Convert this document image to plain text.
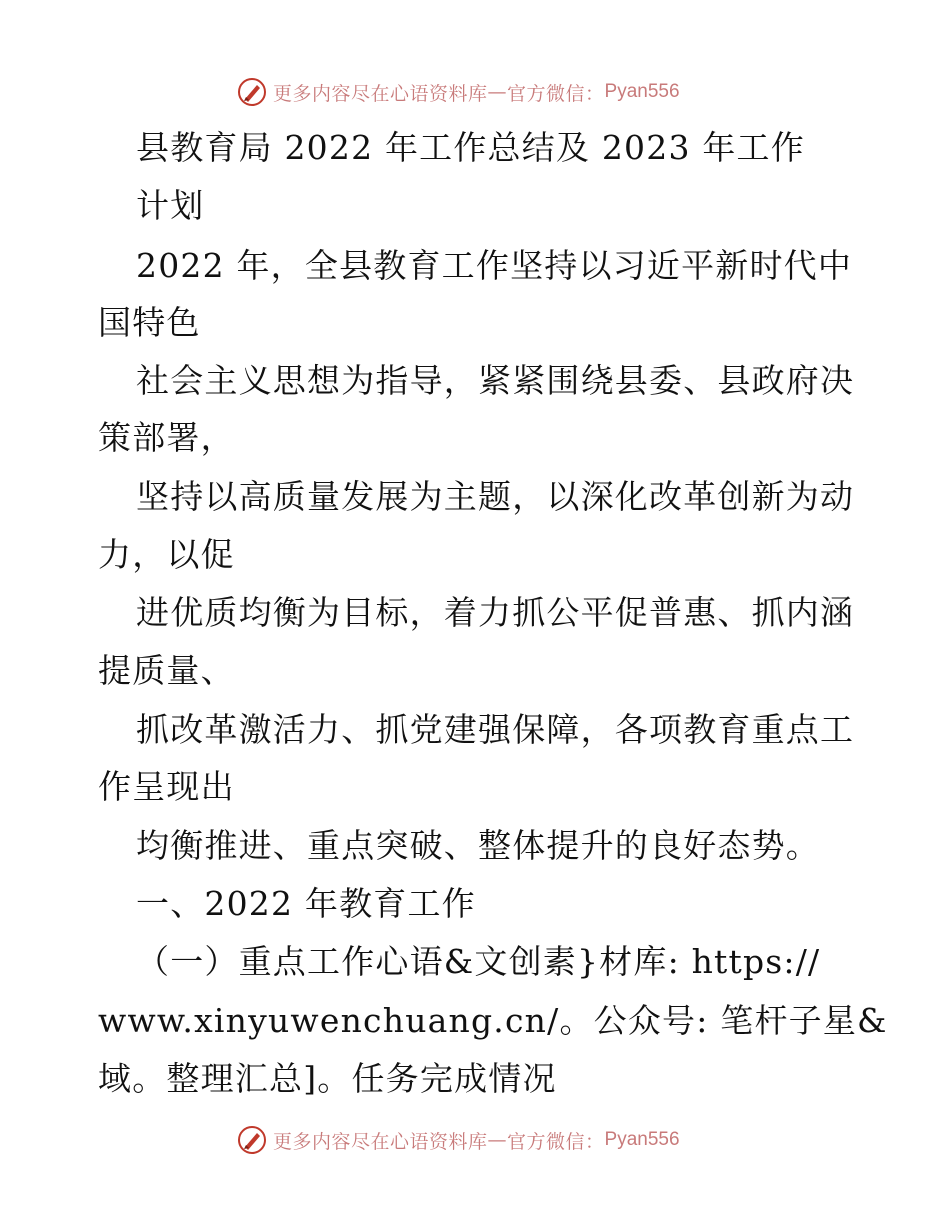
更多内容尽在心语资料库 — 官方微信： Pyan556
县教育局 2022 年工作总结及 2023 年工作
计划
2022 年，全县教育工作坚持以习近平新时代中
国特色
社会主义思想为指导，紧紧围绕县委、县政府决
策部署，
坚持以高质量发展为主题，以深化改革创新为动
力，以促
进优质均衡为目标，着力抓公平促普惠、抓内涵
提质量、
抓改革激活力、抓党建强保障，各项教育重点工
作呈现出
均衡推进、重点突破、整体提升的良好态势。
一、2022 年教育工作
（一）重点工作心语&文创素}材库: https://
www.xinyuwenchuang.cn/。公众号: 笔杆子星&
域。整理汇总]。任务完成情况
更多内容尽在心语资料库 — 官方微信： Pyan556
